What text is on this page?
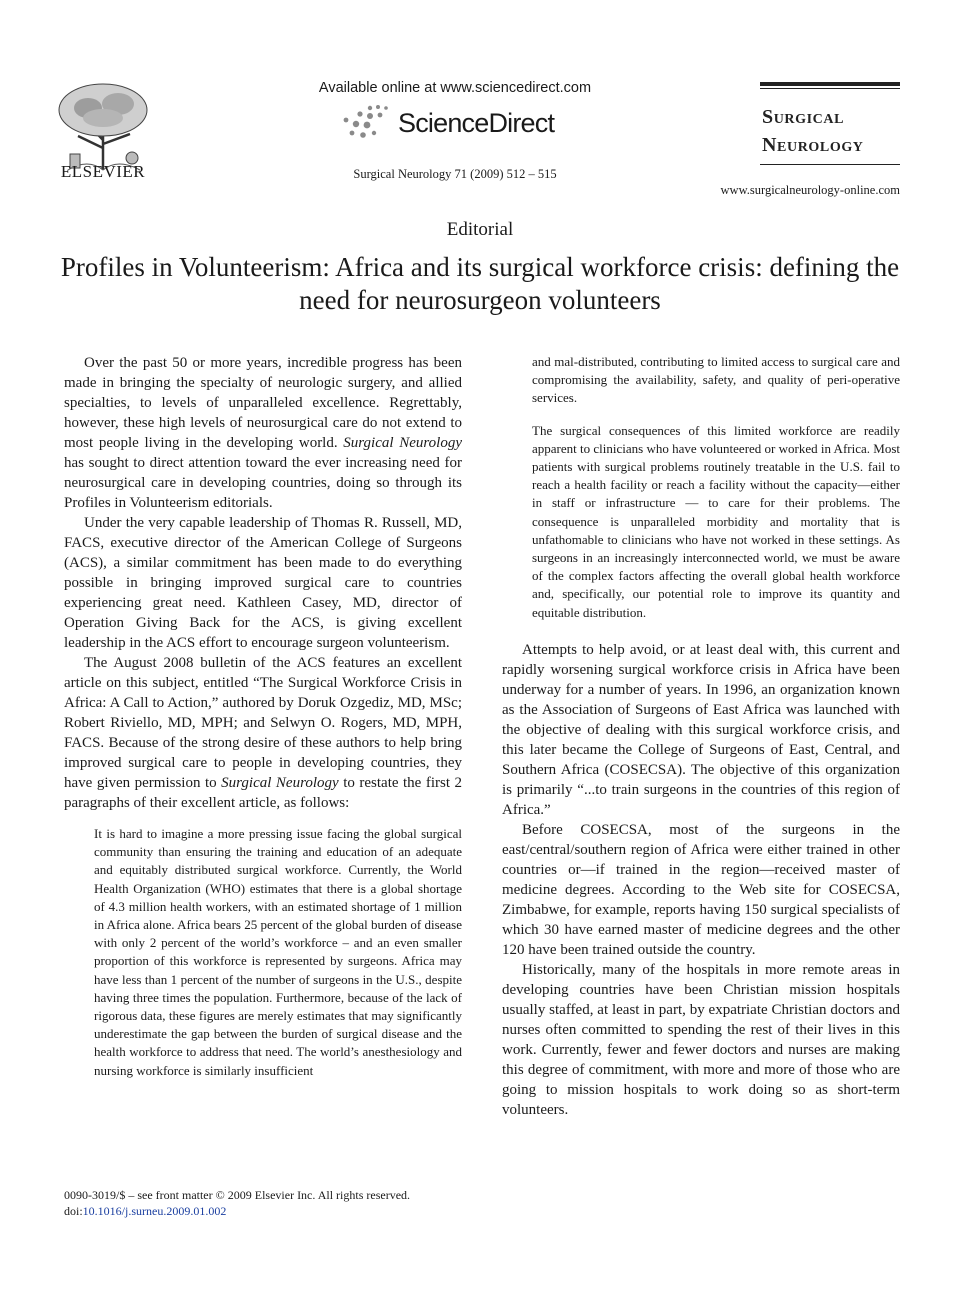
ELSEVIER
Available online at www.sciencedirect.com
ScienceDirect
Surgical Neurology 71 (2009) 512 – 515
Surgical
Neurology
www.surgicalneurology-online.com
Editorial
Profiles in Volunteerism: Africa and its surgical workforce crisis: defining the need for neurosurgeon volunteers

Over the past 50 or more years, incredible progress has been made in bringing the specialty of neurologic surgery, and allied specialties, to levels of unparalleled excellence. Regrettably, however, these high levels of neurosurgical care do not extend to most people living in the developing world. Surgical Neurology has sought to direct attention toward the ever increasing need for neurosurgical care in developing countries, doing so through its Profiles in Volunteerism editorials.

Under the very capable leadership of Thomas R. Russell, MD, FACS, executive director of the American College of Surgeons (ACS), a similar commitment has been made to do everything possible in bringing improved surgical care to countries experiencing great need. Kathleen Casey, MD, director of Operation Giving Back for the ACS, is giving excellent leadership in the ACS effort to encourage surgeon volunteerism.

The August 2008 bulletin of the ACS features an excellent article on this subject, entitled “The Surgical Workforce Crisis in Africa: A Call to Action,” authored by Doruk Ozgediz, MD, MSc; Robert Riviello, MD, MPH; and Selwyn O. Rogers, MD, MPH, FACS. Because of the strong desire of these authors to help bring improved surgical care to people in developing countries, they have given permission to Surgical Neurology to restate the first 2 paragraphs of their excellent article, as follows:

It is hard to imagine a more pressing issue facing the global surgical community than ensuring the training and education of an adequate and equitably distributed surgical workforce. Currently, the World Health Organization (WHO) estimates that there is a global shortage of 4.3 million health workers, with an estimated shortage of 1 million in Africa alone. Africa bears 25 percent of the global burden of disease with only 2 percent of the world’s workforce – and an even smaller proportion of this workforce is represented by surgeons. Africa may have less than 1 percent of the number of surgeons in the U.S., despite having three times the population. Furthermore, because of the lack of rigorous data, these figures are merely estimates that may significantly underestimate the gap between the burden of surgical disease and the health workforce to address that need. The world’s anesthesiology and nursing workforce is similarly insufficient

and mal-distributed, contributing to limited access to surgical care and compromising the availability, safety, and quality of peri-operative services.

The surgical consequences of this limited workforce are readily apparent to clinicians who have volunteered or worked in Africa. Most patients with surgical problems routinely treatable in the U.S. fail to reach a health facility or reach a facility without the capacity—either in staff or infrastructure — to care for their problems. The consequence is unparalleled morbidity and mortality that is unfathomable to clinicians who have not worked in these settings. As surgeons in an increasingly interconnected world, we must be aware of the complex factors affecting the overall global health workforce and, specifically, our potential role to improve its quantity and equitable distribution.

Attempts to help avoid, or at least deal with, this current and rapidly worsening surgical workforce crisis in Africa have been underway for a number of years. In 1996, an organization known as the Association of Surgeons of East Africa was launched with the objective of dealing with this surgical workforce crisis, and this later became the College of Surgeons of East, Central, and Southern Africa (COSECSA). The objective of this organization is primarily “...to train surgeons in the countries of this region of Africa.”

Before COSECSA, most of the surgeons in the east/central/southern region of Africa were either trained in other countries or—if trained in the region—received master of medicine degrees. According to the Web site for COSECSA, Zimbabwe, for example, reports having 150 surgical specialists of which 30 have earned master of medicine degrees and the other 120 have been trained outside the country.

Historically, many of the hospitals in more remote areas in developing countries have been Christian mission hospitals usually staffed, at least in part, by expatriate Christian doctors and nurses often committed to spending the rest of their lives in this work. Currently, fewer and fewer doctors and nurses are making this degree of commitment, with more and more of those who are going to mission hospitals to work doing so as short-term volunteers.

0090-3019/$ – see front matter © 2009 Elsevier Inc. All rights reserved.
doi:10.1016/j.surneu.2009.01.002
